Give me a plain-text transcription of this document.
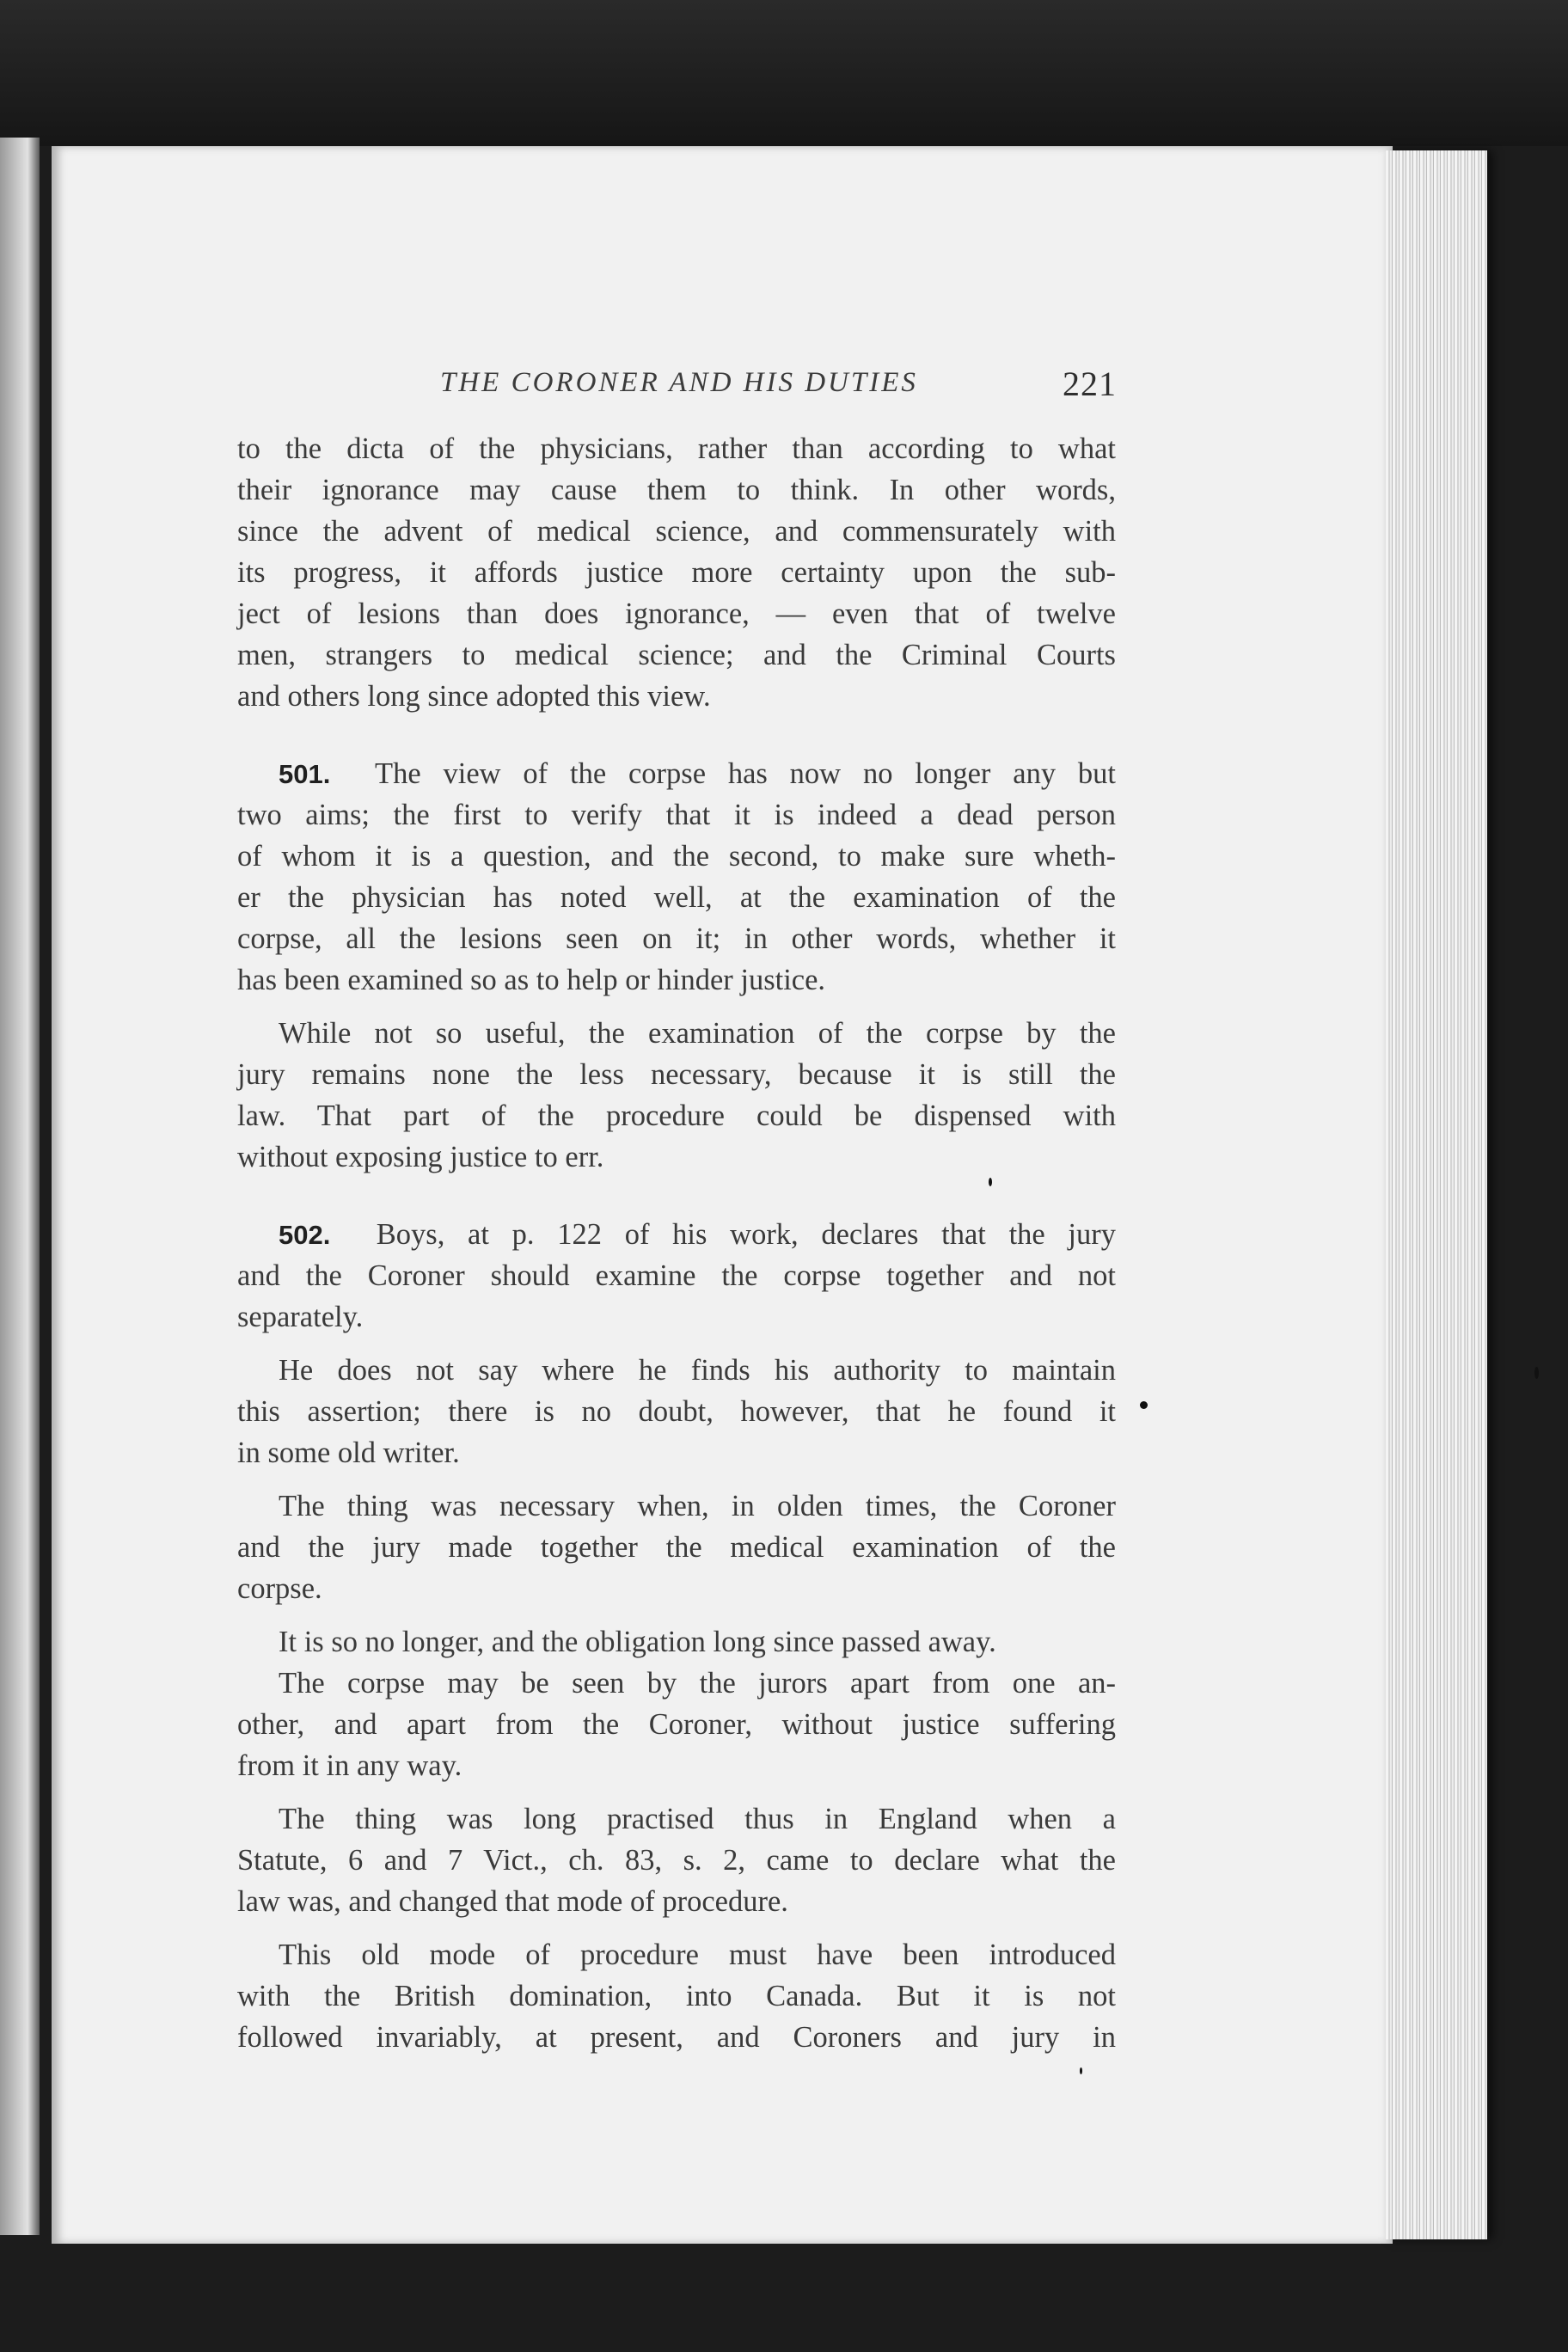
THE CORONER AND HIS DUTIES	221
to the dicta of the physicians, rather than according to what
their ignorance may cause them to think. In other words,
since the advent of medical science, and commensurately with
its progress, it affords justice more certainty upon the sub-
ject of lesions than does ignorance, — even that of twelve
men, strangers to medical science; and the Criminal Courts
and others long since adopted this view.
501. The view of the corpse has now no longer any but
two aims; the first to verify that it is indeed a dead person
of whom it is a question, and the second, to make sure wheth-
er the physician has noted well, at the examination of the
corpse, all the lesions seen on it; in other words, whether it
has been examined so as to help or hinder justice.
While not so useful, the examination of the corpse by the
jury remains none the less necessary, because it is still the
law. That part of the procedure could be dispensed with
without exposing justice to err.
502. Boys, at p. 122 of his work, declares that the jury
and the Coroner should examine the corpse together and not
separately.
He does not say where he finds his authority to maintain
this assertion; there is no doubt, however, that he found it
in some old writer.
The thing was necessary when, in olden times, the Coroner
and the jury made together the medical examination of the
corpse.
It is so no longer, and the obligation long since passed away.
The corpse may be seen by the jurors apart from one an-
other, and apart from the Coroner, without justice suffering
from it in any way.
The thing was long practised thus in England when a
Statute, 6 and 7 Vict., ch. 83, s. 2, came to declare what the
law was, and changed that mode of procedure.
This old mode of procedure must have been introduced
with the British domination, into Canada. But it is not
followed invariably, at present, and Coroners and jury in
